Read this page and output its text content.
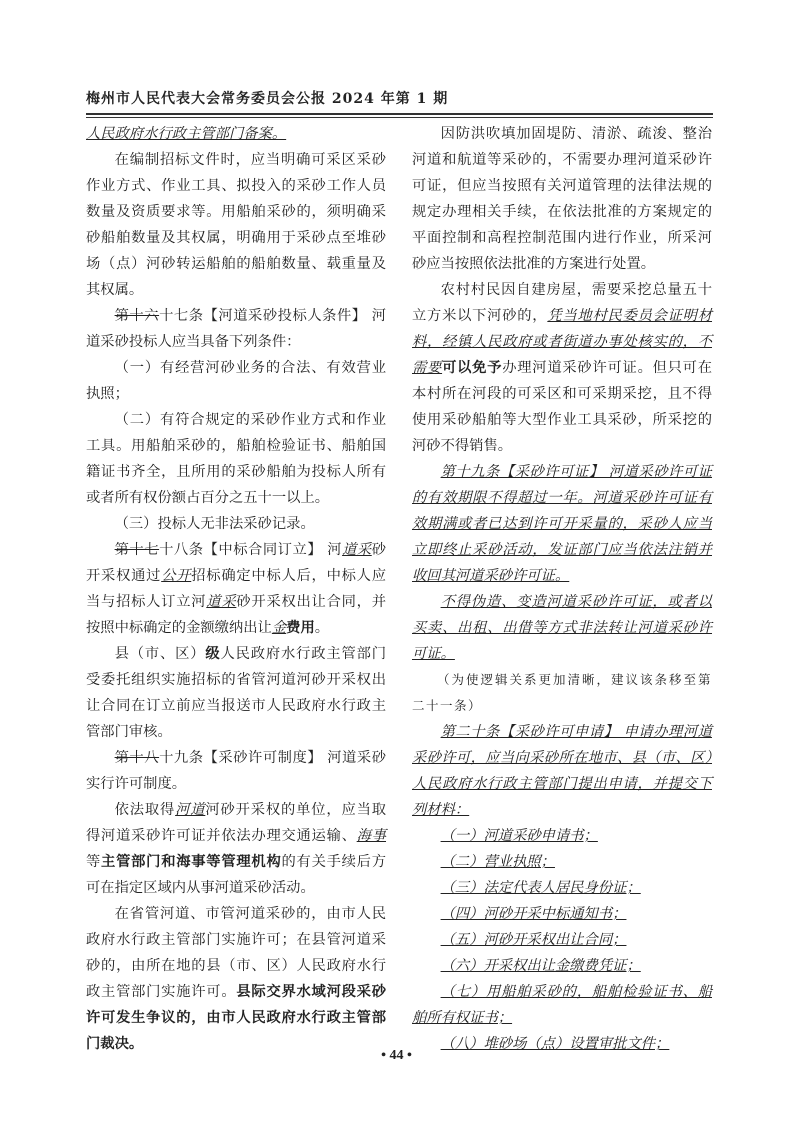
梅州市人民代表大会常务委员会公报 2024 年第 1 期

人民政府水行政主管部门备案。

在编制招标文件时，应当明确可采区采砂作业方式、作业工具、拟投入的采砂工作人员数量及资质要求等。用船舶采砂的，须明确采砂船舶数量及其权属，明确用于采砂点至堆砂场（点）河砂转运船舶的船舶数量、载重量及其权属。

第十六十七条【河道采砂投标人条件】 河道采砂投标人应当具备下列条件：

（一）有经营河砂业务的合法、有效营业执照；

（二）有符合规定的采砂作业方式和作业工具。用船舶采砂的，船舶检验证书、船舶国籍证书齐全，且所用的采砂船舶为投标人所有或者所有权份额占百分之五十一以上。

（三）投标人无非法采砂记录。

第十七十八条【中标合同订立】 河道采砂开采权通过公开招标确定中标人后，中标人应当与招标人订立河道采砂开采权出让合同，并按照中标确定的金额缴纳出让金费用。

县（市、区）级人民政府水行政主管部门受委托组织实施招标的省管河道河砂开采权出让合同在订立前应当报送市人民政府水行政主管部门审核。

第十八十九条【采砂许可制度】 河道采砂实行许可制度。

依法取得河道河砂开采权的单位，应当取得河道采砂许可证并依法办理交通运输、海事等主管部门和海事等管理机构的有关手续后方可在指定区域内从事河道采砂活动。

在省管河道、市管河道采砂的，由市人民政府水行政主管部门实施许可；在县管河道采砂的，由所在地的县（市、区）人民政府水行政主管部门实施许可。县际交界水域河段采砂许可发生争议的，由市人民政府水行政主管部门裁决。

因防洪吹填加固堤防、清淤、疏浚、整治河道和航道等采砂的，不需要办理河道采砂许可证，但应当按照有关河道管理的法律法规的规定办理相关手续，在依法批准的方案规定的平面控制和高程控制范围内进行作业，所采河砂应当按照依法批准的方案进行处置。

农村村民因自建房屋，需要采挖总量五十立方米以下河砂的，凭当地村民委员会证明材料，经镇人民政府或者街道办事处核实的，不需要可以免予办理河道采砂许可证。但只可在本村所在河段的可采区和可采期采挖，且不得使用采砂船舶等大型作业工具采砂，所采挖的河砂不得销售。

第十九条【采砂许可证】 河道采砂许可证的有效期限不得超过一年。河道采砂许可证有效期满或者已达到许可开采量的，采砂人应当立即终止采砂活动，发证部门应当依法注销并收回其河道采砂许可证。

不得伪造、变造河道采砂许可证，或者以买卖、出租、出借等方式非法转让河道采砂许可证。

（为使逻辑关系更加清晰，建议该条移至第二十一条）

第二十条【采砂许可申请】 申请办理河道采砂许可，应当向采砂所在地市、县（市、区）人民政府水行政主管部门提出申请，并提交下列材料：

（一）河道采砂申请书；

（二）营业执照；

（三）法定代表人居民身份证；

（四）河砂开采中标通知书；

（五）河砂开采权出让合同；

（六）开采权出让金缴费凭证；

（七）用船舶采砂的，船舶检验证书、船舶所有权证书；

（八）堆砂场（点）设置审批文件；

• 44 •
